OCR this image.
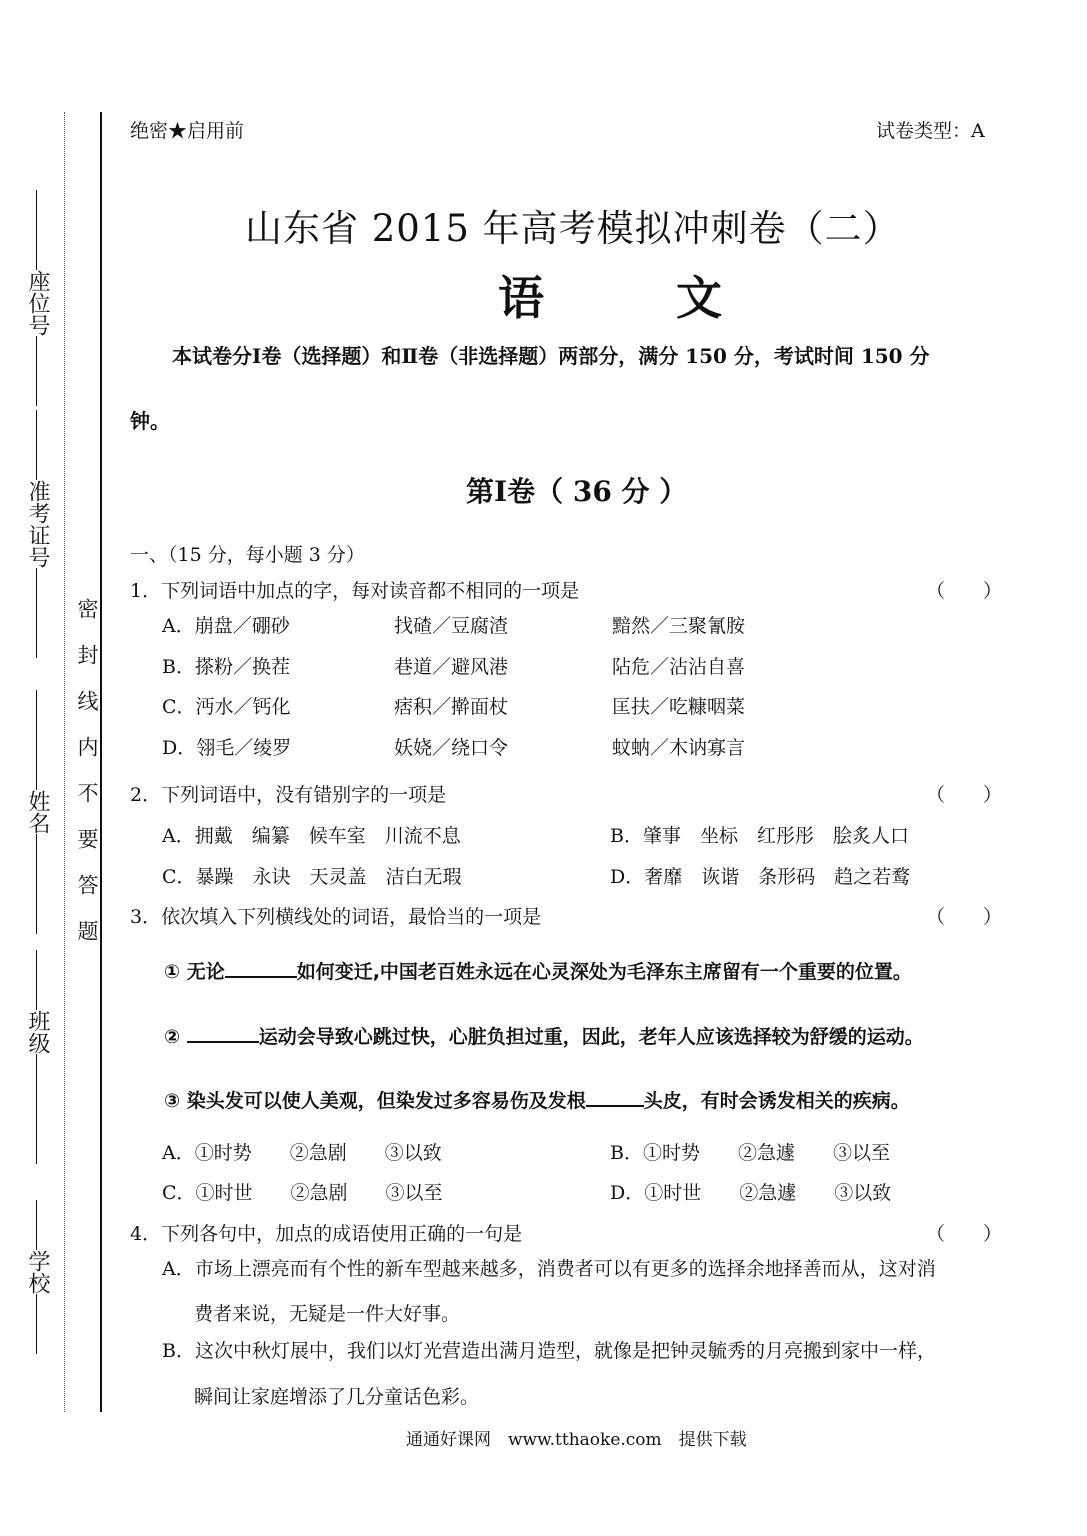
座位号
准考证号
姓名
班级
学校
密封线内不要答题
绝密★启用前	试卷类型：A
山东省 2015 年高考模拟冲刺卷（二）
语 文
本试卷分Ⅰ卷（选择题）和Ⅱ卷（非选择题）两部分，满分 150 分，考试时间 150 分
钟。
第Ⅰ卷（ 36 分 ）
一、（15 分，每小题 3 分）
1．下列词语中加点的字，每对读音都不相同的一项是	（　　）
A．崩盘／硼砂	找碴／豆腐渣	黯然／三聚氰胺
B．搽粉／换茬	巷道／避风港	阽危／沾沾自喜
C．沔水／钙化	痞积／擀面杖	匡扶／吃糠咽菜
D．翎毛／绫罗	妖娆／绕口令	蚊蚋／木讷寡言
2．下列词语中，没有错别字的一项是	（　　）
A．拥戴　编纂　候车室　川流不息	B．肇事　坐标　红彤彤　脍炙人口
C．暴躁　永诀　天灵盖　洁白无瑕	D．奢靡　诙谐　条形码　趋之若鹜
3．依次填入下列横线处的词语，最恰当的一项是	（　　）
① 无论	如何变迁,中国老百姓永远在心灵深处为毛泽东主席留有一个重要的位置。
②	运动会导致心跳过快，心脏负担过重，因此，老年人应该选择较为舒缓的运动。
③ 染头发可以使人美观，但染发过多容易伤及发根	头皮，有时会诱发相关的疾病。
A．①时势　　②急剧　　③以致	B．①时势　　②急遽　　③以至
C．①时世　　②急剧　　③以至	D．①时世　　②急遽　　③以致
4．下列各句中，加点的成语使用正确的一句是	（　　）
A．市场上漂亮而有个性的新车型越来越多，消费者可以有更多的选择余地择善而从，这对消
费者来说，无疑是一件大好事。
B．这次中秋灯展中，我们以灯光营造出满月造型，就像是把钟灵毓秀的月亮搬到家中一样，
瞬间让家庭增添了几分童话色彩。
通通好课网　www.tthaoke.com　提供下载
